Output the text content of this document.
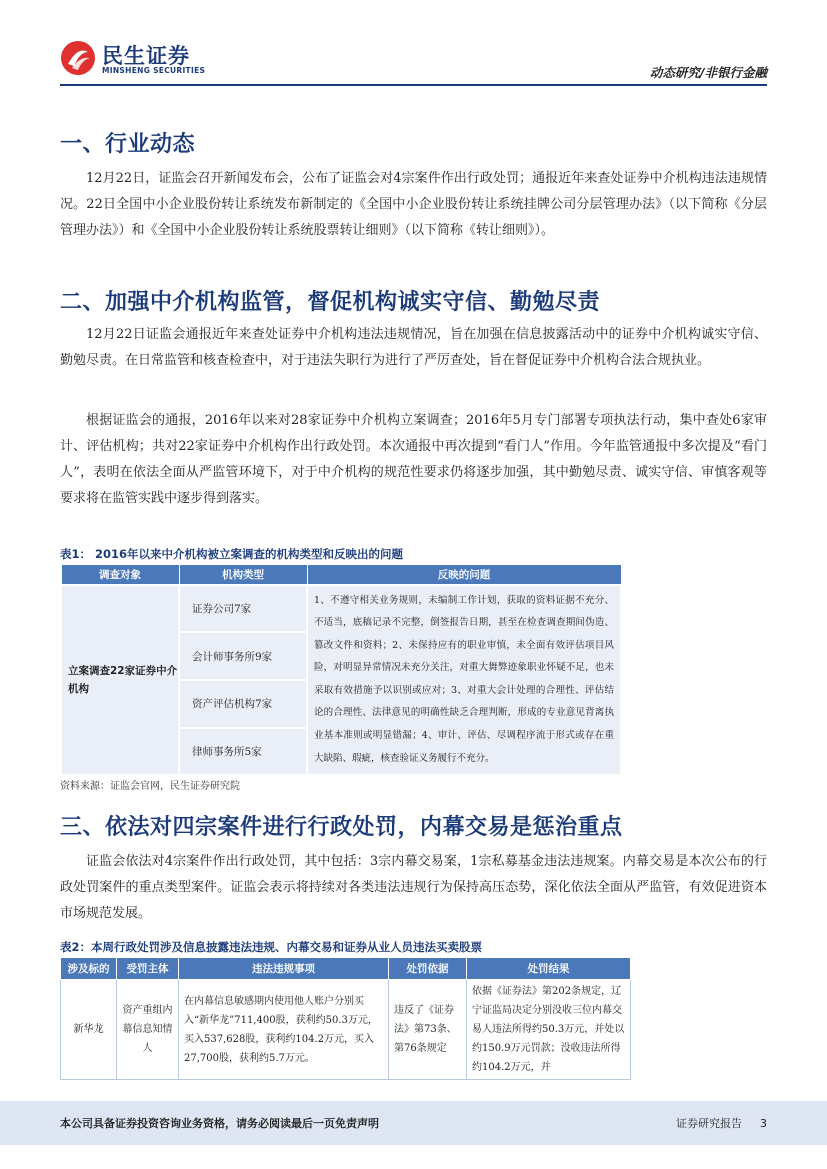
民生证券
MINSHENG SECURITIES	动态研究/非银行金融
一、行业动态

12月22日，证监会召开新闻发布会，公布了证监会对4宗案件作出行政处罚；通报近年来查处证券中介机构违法违规情况。22日全国中小企业股份转让系统发布新制定的《全国中小企业股份转让系统挂牌公司分层管理办法》（以下简称《分层管理办法》）和《全国中小企业股份转让系统股票转让细则》（以下简称《转让细则》）。

二、加强中介机构监管，督促机构诚实守信、勤勉尽责

12月22日证监会通报近年来查处证券中介机构违法违规情况，旨在加强在信息披露活动中的证券中介机构诚实守信、勤勉尽责。在日常监管和核查检查中，对于违法失职行为进行了严厉查处，旨在督促证券中介机构合法合规执业。

根据证监会的通报，2016年以来对28家证券中介机构立案调查；2016年5月专门部署专项执法行动，集中查处6家审计、评估机构；共对22家证券中介机构作出行政处罚。本次通报中再次提到“看门人”作用。今年监管通报中多次提及“看门人”，表明在依法全面从严监管环境下，对于中介机构的规范性要求仍将逐步加强，其中勤勉尽责、诚实守信、审慎客观等要求将在监管实践中逐步得到落实。

表1： 2016年以来中介机构被立案调查的机构类型和反映出的问题
调查对象	机构类型	反映的问题
立案调查22家证券中介机构	证券公司7家	1、不遵守相关业务规则，未编制工作计划，获取的资料证据不充分、不适当，底稿记录不完整，倒签报告日期，甚至在检查调查期间伪造、篡改文件和资料；2、未保持应有的职业审慎，未全面有效评估项目风险，对明显异常情况未充分关注，对重大舞弊迹象职业怀疑不足，也未采取有效措施予以识别或应对；3、对重大会计处理的合理性、评估结论的合理性、法律意见的明确性缺乏合理判断，形成的专业意见背离执业基本准则或明显错漏；4、审计、评估、尽调程序流于形式或存在重大缺陷、瑕疵，核查验证义务履行不充分。
	会计师事务所9家	
	资产评估机构7家	
	律师事务所5家	
资料来源：证监会官网，民生证券研究院
三、依法对四宗案件进行行政处罚，内幕交易是惩治重点

证监会依法对4宗案件作出行政处罚，其中包括：3宗内幕交易案，1宗私募基金违法违规案。内幕交易是本次公布的行政处罚案件的重点类型案件。证监会表示将持续对各类违法违规行为保持高压态势，深化依法全面从严监管，有效促进资本市场规范发展。

表2：本周行政处罚涉及信息披露违法违规、内幕交易和证券从业人员违法买卖股票
涉及标的	受罚主体	违法违规事项	处罚依据	处罚结果
新华龙	资产重组内幕信息知情人	在内幕信息敏感期内使用他人账户分别买入“新华龙”711,400股，获利约50.3万元，买入537,628股，获利约104.2万元，买入27,700股，获利约5.7万元。	违反了《证券法》第73条、第76条规定	依据《证券法》第202条规定，辽宁证监局决定分别没收三位内幕交易人违法所得约50.3万元，并处以约150.9万元罚款；没收违法所得约104.2万元，并
本公司具备证券投资咨询业务资格，请务必阅读最后一页免责声明	证券研究报告 3
